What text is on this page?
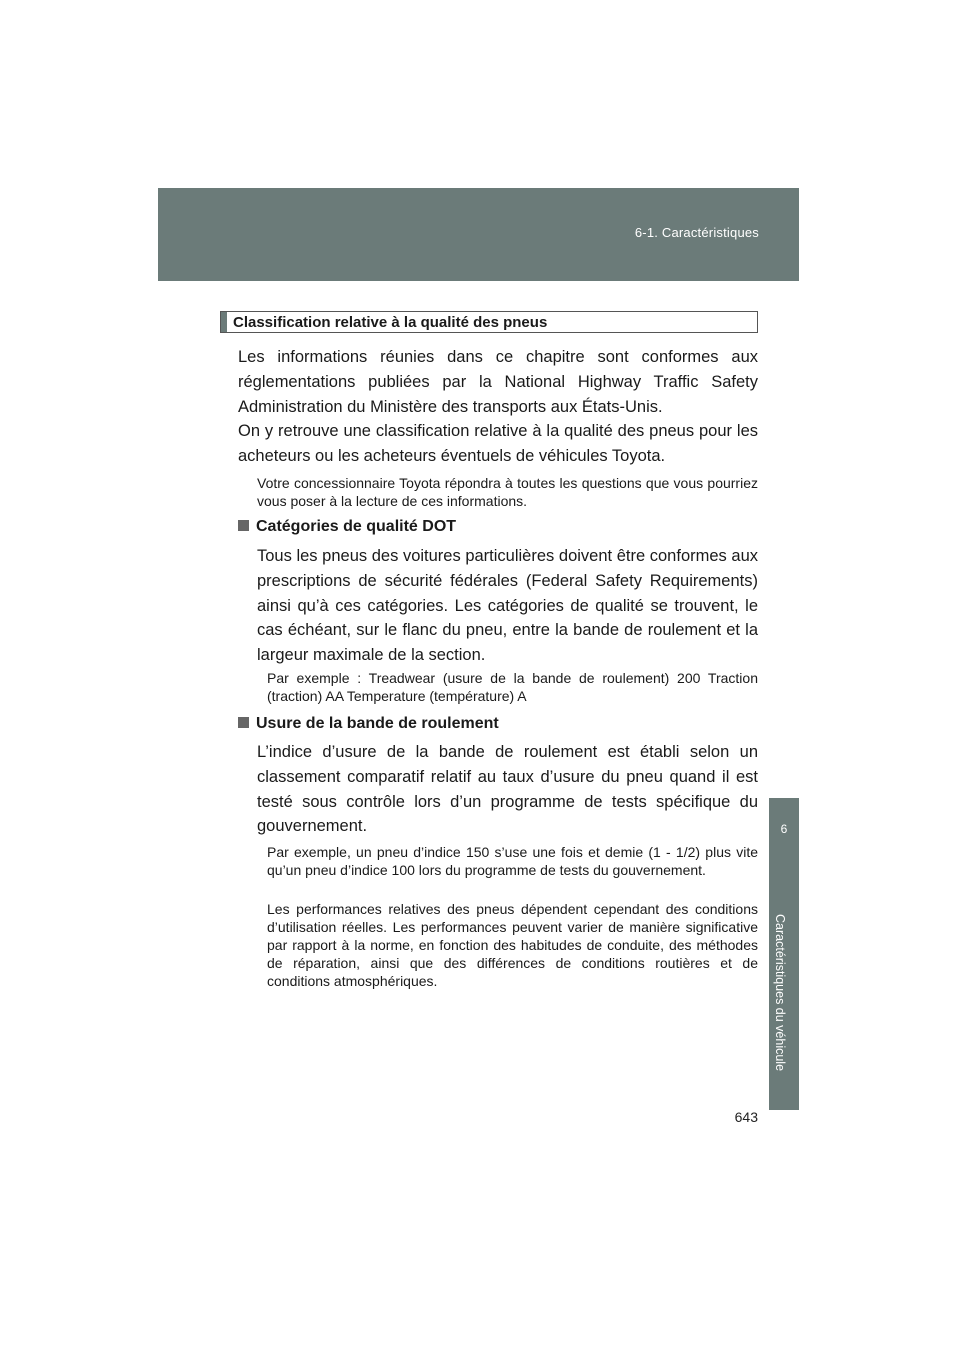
6-1. Caractéristiques
6
Caractéristiques du véhicule
Classification relative à la qualité des pneus

Les informations réunies dans ce chapitre sont conformes aux réglementations publiées par la National Highway Traffic Safety Administration du Ministère des transports aux États-Unis.

On y retrouve une classification relative à la qualité des pneus pour les acheteurs ou les acheteurs éventuels de véhicules Toyota.

Votre concessionnaire Toyota répondra à toutes les questions que vous pourriez vous poser à la lecture de ces informations.

Catégories de qualité DOT

Tous les pneus des voitures particulières doivent être conformes aux prescriptions de sécurité fédérales (Federal Safety Requirements) ainsi qu’à ces catégories. Les catégories de qualité se trouvent, le cas échéant, sur le flanc du pneu, entre la bande de roulement et la largeur maximale de la section.

Par exemple : Treadwear (usure de la bande de roulement) 200 Traction (traction) AA Temperature (température) A

Usure de la bande de roulement

L’indice d’usure de la bande de roulement est établi selon un classement comparatif relatif au taux d’usure du pneu quand il est testé sous contrôle lors d’un programme de tests spécifique du gouvernement.

Par exemple, un pneu d’indice 150 s’use une fois et demie (1 - 1/2) plus vite qu’un pneu d’indice 100 lors du programme de tests du gouvernement.

Les performances relatives des pneus dépendent cependant des conditions d’utilisation réelles. Les performances peuvent varier de manière significative par rapport à la norme, en fonction des habitudes de conduite, des méthodes de réparation, ainsi que des différences de conditions routières et de conditions atmosphériques.

643
